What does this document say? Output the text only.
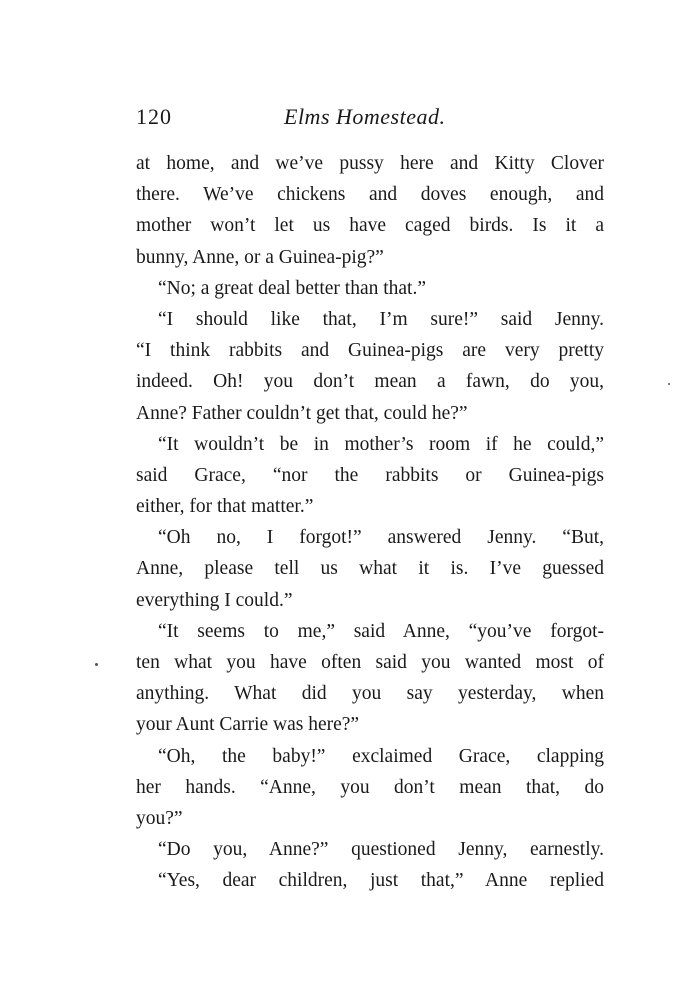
120	Elms Homestead.
at home, and we’ve pussy here and Kitty Clover
there. We’ve chickens and doves enough, and
mother won’t let us have caged birds. Is it a
bunny, Anne, or a Guinea-pig?”
“No; a great deal better than that.”
“I should like that, I’m sure!” said Jenny.
“I think rabbits and Guinea-pigs are very pretty
indeed. Oh! you don’t mean a fawn, do you,
Anne? Father couldn’t get that, could he?”
“It wouldn’t be in mother’s room if he could,”
said Grace, “nor the rabbits or Guinea-pigs
either, for that matter.”
“Oh no, I forgot!” answered Jenny. “But,
Anne, please tell us what it is. I’ve guessed
everything I could.”
“It seems to me,” said Anne, “you’ve forgot-
ten what you have often said you wanted most of
anything. What did you say yesterday, when
your Aunt Carrie was here?”
“Oh, the baby!” exclaimed Grace, clapping
her hands. “Anne, you don’t mean that, do
you?”
“Do you, Anne?” questioned Jenny, earnestly.
“Yes, dear children, just that,” Anne replied
